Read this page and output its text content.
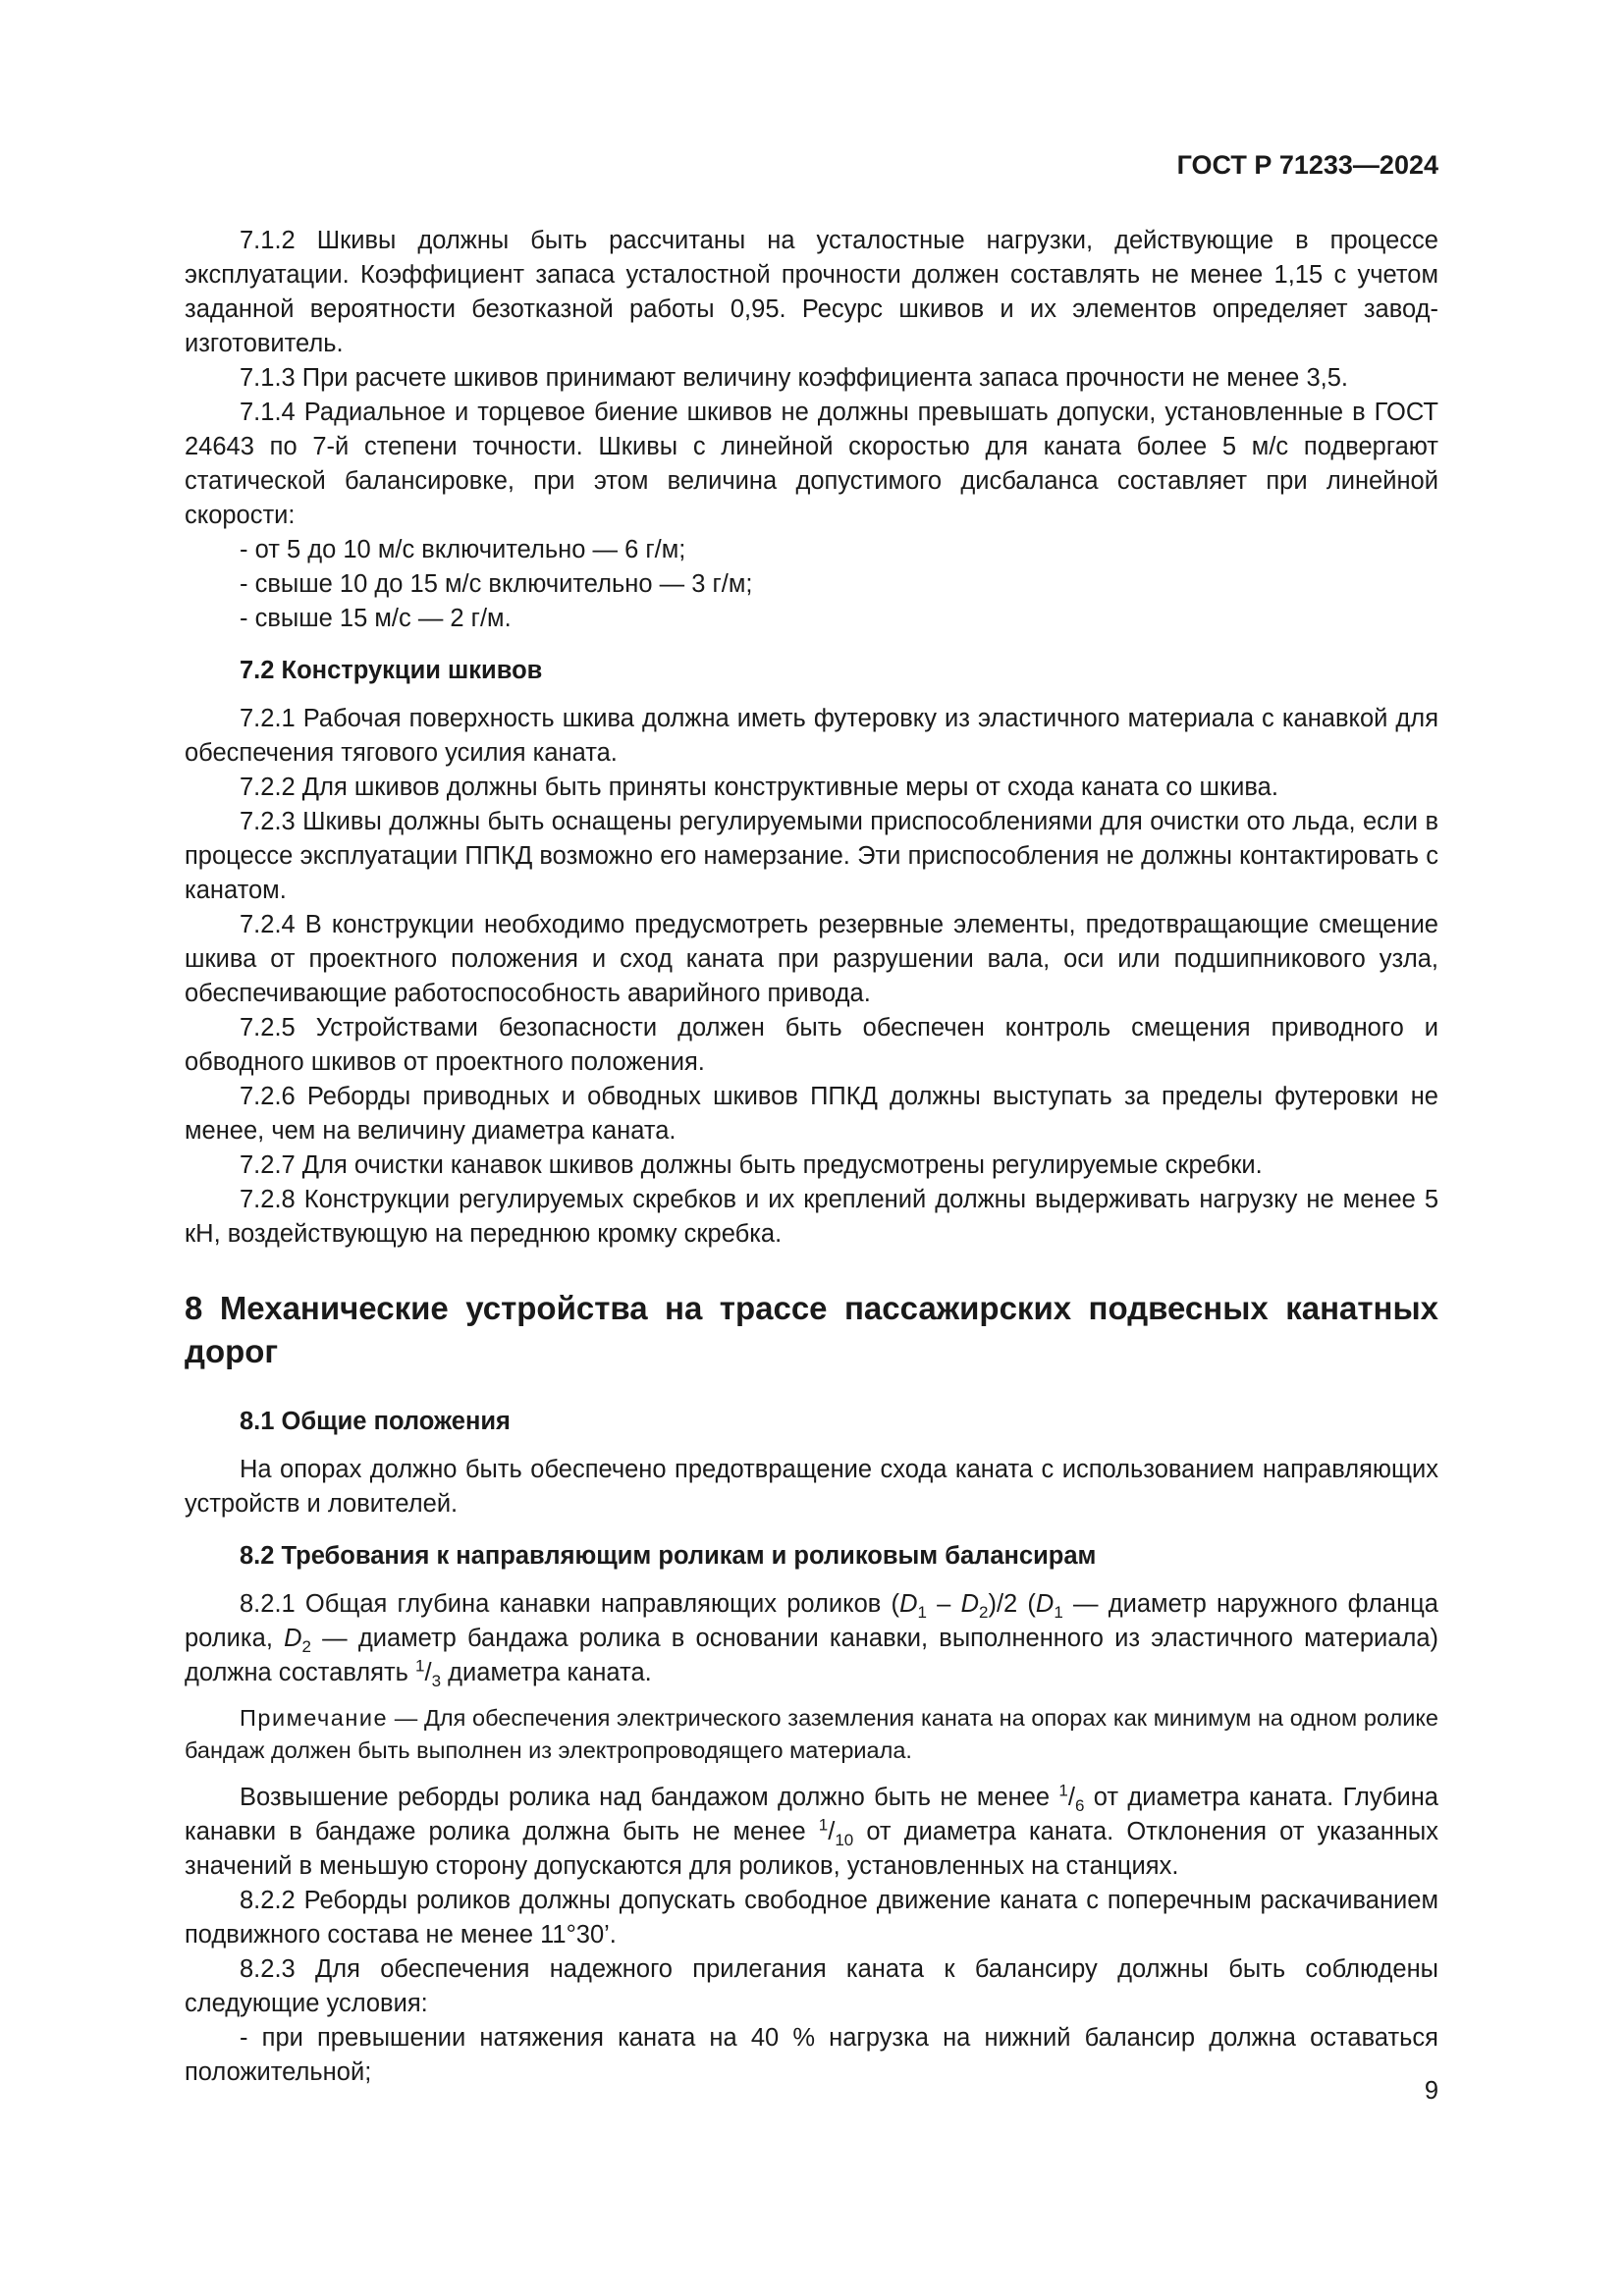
ГОСТ Р 71233—2024

7.1.2 Шкивы должны быть рассчитаны на усталостные нагрузки, действующие в процессе эксплуатации. Коэффициент запаса усталостной прочности должен составлять не менее 1,15 с учетом заданной вероятности безотказной работы 0,95. Ресурс шкивов и их элементов определяет завод-изготовитель.

7.1.3 При расчете шкивов принимают величину коэффициента запаса прочности не менее 3,5.

7.1.4 Радиальное и торцевое биение шкивов не должны превышать допуски, установленные в ГОСТ 24643 по 7-й степени точности. Шкивы с линейной скоростью для каната более 5 м/с подвергают статической балансировке, при этом величина допустимого дисбаланса составляет при линейной скорости:

- от 5 до 10 м/с включительно — 6 г/м;

- свыше 10 до 15 м/с включительно — 3 г/м;

- свыше 15 м/с — 2 г/м.

7.2 Конструкции шкивов

7.2.1 Рабочая поверхность шкива должна иметь футеровку из эластичного материала с канавкой для обеспечения тягового усилия каната.

7.2.2 Для шкивов должны быть приняты конструктивные меры от схода каната со шкива.

7.2.3 Шкивы должны быть оснащены регулируемыми приспособлениями для очистки ото льда, если в процессе эксплуатации ППКД возможно его намерзание. Эти приспособления не должны контактировать с канатом.

7.2.4 В конструкции необходимо предусмотреть резервные элементы, предотвращающие смещение шкива от проектного положения и сход каната при разрушении вала, оси или подшипникового узла, обеспечивающие работоспособность аварийного привода.

7.2.5 Устройствами безопасности должен быть обеспечен контроль смещения приводного и обводного шкивов от проектного положения.

7.2.6 Реборды приводных и обводных шкивов ППКД должны выступать за пределы футеровки не менее, чем на величину диаметра каната.

7.2.7 Для очистки канавок шкивов должны быть предусмотрены регулируемые скребки.

7.2.8 Конструкции регулируемых скребков и их креплений должны выдерживать нагрузку не менее 5 кН, воздействующую на переднюю кромку скребка.

8 Механические устройства на трассе пассажирских подвесных канатных дорог

8.1 Общие положения

На опорах должно быть обеспечено предотвращение схода каната с использованием направляющих устройств и ловителей.

8.2 Требования к направляющим роликам и роликовым балансирам

8.2.1 Общая глубина канавки направляющих роликов $(D_1 - D_2)/2$ ($D_1$ — диаметр наружного фланца ролика, $D_2$ — диаметр бандажа ролика в основании канавки, выполненного из эластичного материала) должна составлять $^1/_3$ диаметра каната.

Примечание — Для обеспечения электрического заземления каната на опорах как минимум на одном ролике бандаж должен быть выполнен из электропроводящего материала.

Возвышение реборды ролика над бандажом должно быть не менее $^1/_6$ от диаметра каната. Глубина канавки в бандаже ролика должна быть не менее $^1/_{10}$ от диаметра каната. Отклонения от указанных значений в меньшую сторону допускаются для роликов, установленных на станциях.

8.2.2 Реборды роликов должны допускать свободное движение каната с поперечным раскачиванием подвижного состава не менее 11°30’.

8.2.3 Для обеспечения надежного прилегания каната к балансиру должны быть соблюдены следующие условия:

- при превышении натяжения каната на 40 % нагрузка на нижний балансир должна оставаться положительной;

9
